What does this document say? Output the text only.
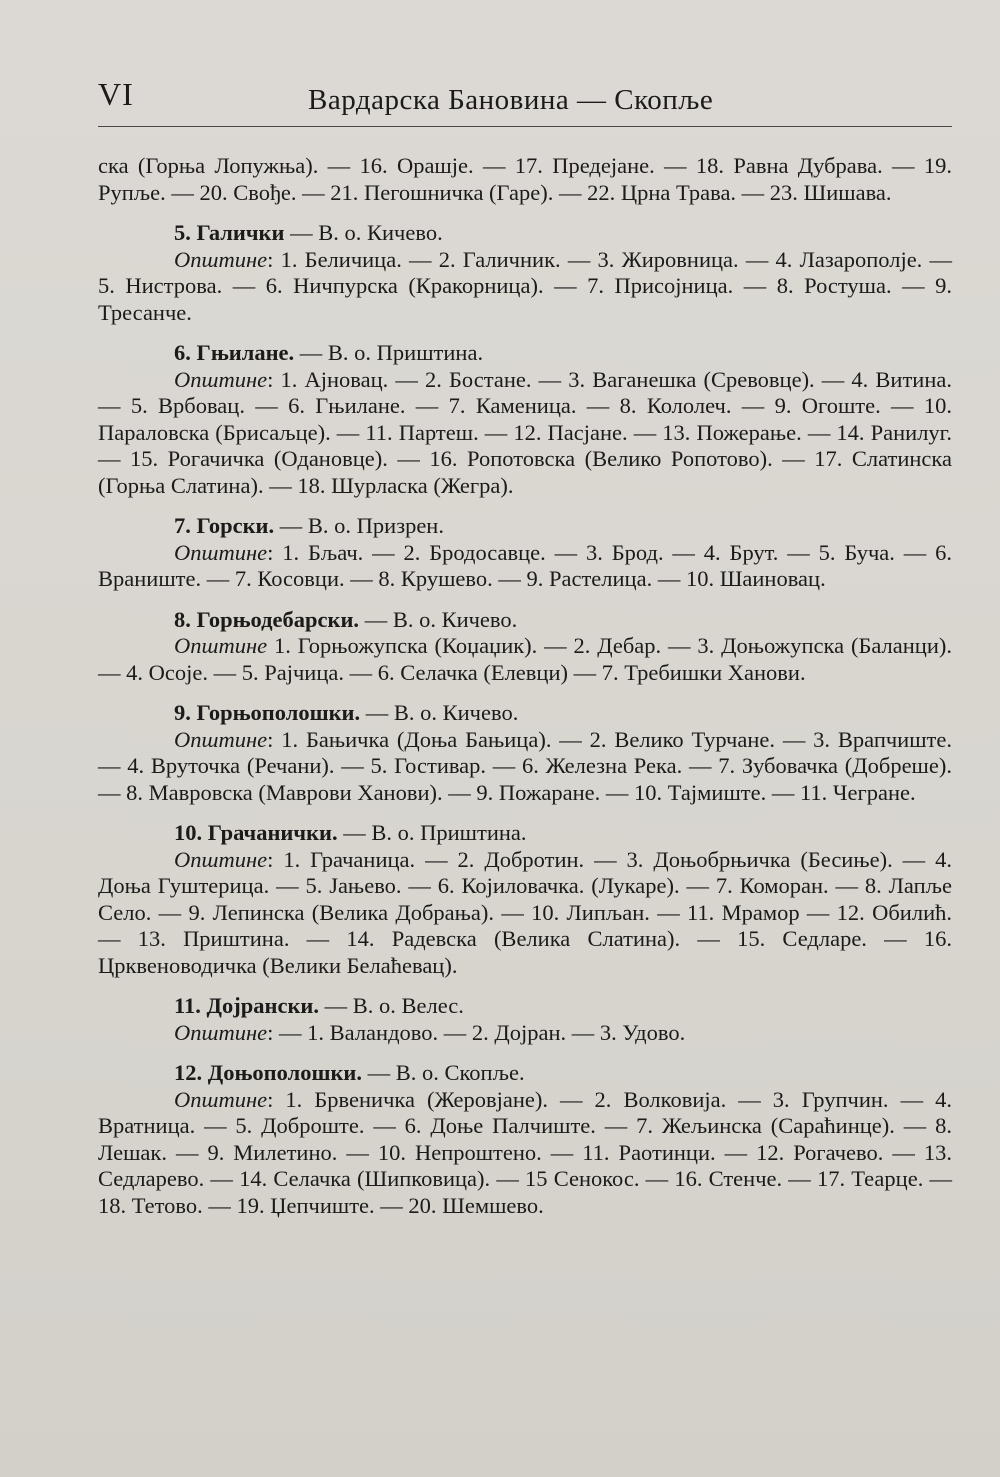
VI	Вардарска Бановина — Скопље

ска (Горња Лопужња). — 16. Орашје. — 17. Предејане. — 18. Равна Дубрава. — 19. Рупље. — 20. Свође. — 21. Пегошничка (Гаре). — 22. Црна Трава. — 23. Шишава.

5. Галички — В. о. Кичево.

Општине: 1. Беличица. — 2. Галичник. — 3. Жировница. — 4. Лазарополје. — 5. Нистрова. — 6. Ничпурска (Кракорница). — 7. Присојница. — 8. Ростуша. — 9. Тресанче.

6. Гњилане. — В. о. Приштина.

Општине: 1. Ајновац. — 2. Бостане. — 3. Ваганешка (Сревовце). — 4. Витина. — 5. Врбовац. — 6. Гњилане. — 7. Каменица. — 8. Кололеч. — 9. Огоште. — 10. Параловска (Брисаљце). — 11. Партеш. — 12. Пасјане. — 13. Пожерање. — 14. Ранилуг. — 15. Рогачичка (Одановце). — 16. Ропотовска (Велико Ропотово). — 17. Слатинска (Горња Слатина). — 18. Шурласка (Жегра).

7. Горски. — В. о. Призрен.

Општине: 1. Бљач. — 2. Бродосавце. — 3. Брод. — 4. Брут. — 5. Буча. — 6. Враниште. — 7. Косовци. — 8. Крушево. — 9. Растелица. — 10. Шаиновац.

8. Горњодебарски. — В. о. Кичево.

Општине 1. Горњожупска (Коџаџик). — 2. Дебар. — 3. Доњожупска (Баланци). — 4. Осоје. — 5. Рајчица. — 6. Селачка (Елевци) — 7. Требишки Ханови.

9. Горњополошки. — В. о. Кичево.

Општине: 1. Бањичка (Доња Бањица). — 2. Велико Турчане. — 3. Врапчиште. — 4. Вруточка (Речани). — 5. Гостивар. — 6. Железна Река. — 7. Зубовачка (Добреше). — 8. Мавровска (Маврови Ханови). — 9. Пожаране. — 10. Тајмиште. — 11. Чегране.

10. Грачанички. — В. о. Приштина.

Општине: 1. Грачаница. — 2. Добротин. — 3. Доњобрњичка (Бесиње). — 4. Доња Гуштерица. — 5. Јањево. — 6. Којиловачка. (Лукаре). — 7. Коморан. — 8. Лапље Село. — 9. Лепинска (Велика Добрања). — 10. Липљан. — 11. Мрамор — 12. Обилић. — 13. Приштина. — 14. Радевска (Велика Слатина). — 15. Седларе. — 16. Црквеноводичка (Велики Белаћевац).

11. Дојрански. — В. о. Велес.

Општине: — 1. Валандово. — 2. Дојран. — 3. Удово.

12. Доњополошки. — В. о. Скопље.

Општине: 1. Брвеничка (Жеровјане). — 2. Волковија. — 3. Групчин. — 4. Вратница. — 5. Доброште. — 6. Доње Палчиште. — 7. Жељинска (Сараћинце). — 8. Лешак. — 9. Милетино. — 10. Непроштено. — 11. Раотинци. — 12. Рогачево. — 13. Седларево. — 14. Селачка (Шипковица). — 15 Сенокос. — 16. Стенче. — 17. Теарце. — 18. Тетово. — 19. Џепчиште. — 20. Шемшево.
